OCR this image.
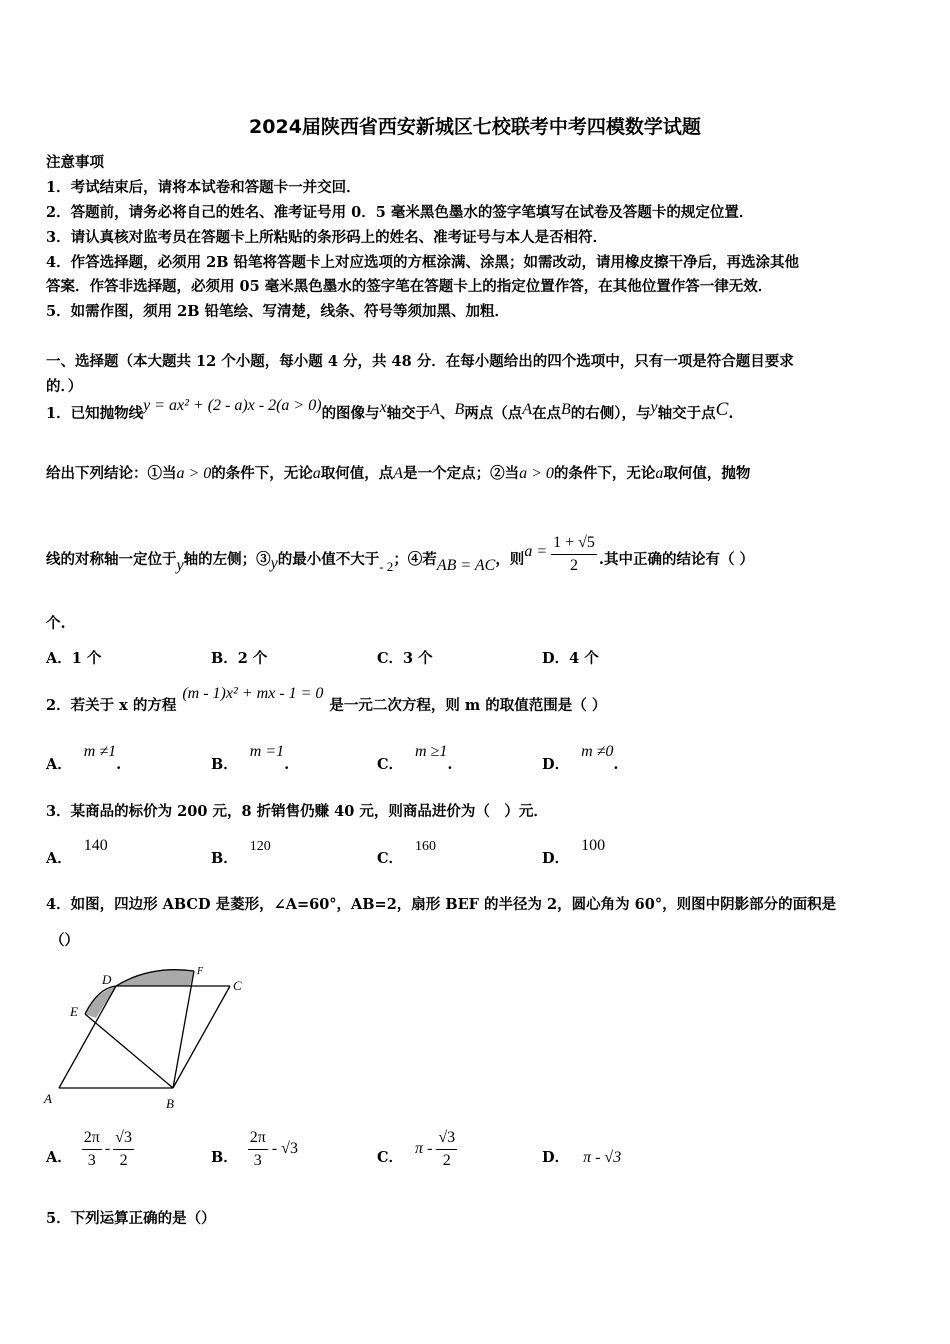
2024届陕西省西安新城区七校联考中考四模数学试题
注意事项
1．考试结束后，请将本试卷和答题卡一并交回．
2．答题前，请务必将自己的姓名、准考证号用 0．5 毫米黑色墨水的签字笔填写在试卷及答题卡的规定位置．
3．请认真核对监考员在答题卡上所粘贴的条形码上的姓名、准考证号与本人是否相符．
4．作答选择题，必须用 2B 铅笔将答题卡上对应选项的方框涂满、涂黑；如需改动，请用橡皮擦干净后，再选涂其他
答案．作答非选择题，必须用 05 毫米黑色墨水的签字笔在答题卡上的指定位置作答，在其他位置作答一律无效．
5．如需作图，须用 2B 铅笔绘、写清楚，线条、符号等须加黑、加粗．
一、选择题（本大题共 12 个小题，每小题 4 分，共 48 分．在每小题给出的四个选项中，只有一项是符合题目要求
的．）
1．已知抛物线y = ax² + (2 - a)x - 2(a > 0)的图像与x轴交于A、B两点（点A在点B的右侧），与y轴交于点C.
给出下列结论：①当a > 0的条件下，无论a取何值，点A是一个定点；②当a > 0的条件下，无论a取何值，抛物
线的对称轴一定位于 y 轴的左侧；③ y 的最小值不大于 - 2 ；④若 AB = AC ，则 $a = \frac{1 + √5}{2}$ .其中正确的结论有（ ）
个.
A．1 个	B．2 个	C．3 个	D．4 个
2．若关于 x 的方程(m - 1)x² + mx - 1 = 0是一元二次方程，则 m 的取值范围是（ ）
A．m ≠1.	B．m =1.	C．m ≥1.	D．m ≠0.
3．某商品的标价为 200 元，8 折销售仍赚 40 元，则商品进价为（　）元．
A．140
B．120
C．160
D．100
4．如图，四边形 ABCD 是菱形，∠A=60°，AB=2，扇形 BEF 的半径为 2，圆心角为 60°，则图中阴影部分的面积是
（）
D
F
C
E
A	B
A． $\frac{2\pi}{3} - \frac{√3}{2}$	B． $\frac{2\pi}{3} - √3$	C． π - $\frac{√3}{2}$	D． π - √3
5．下列运算正确的是（）
